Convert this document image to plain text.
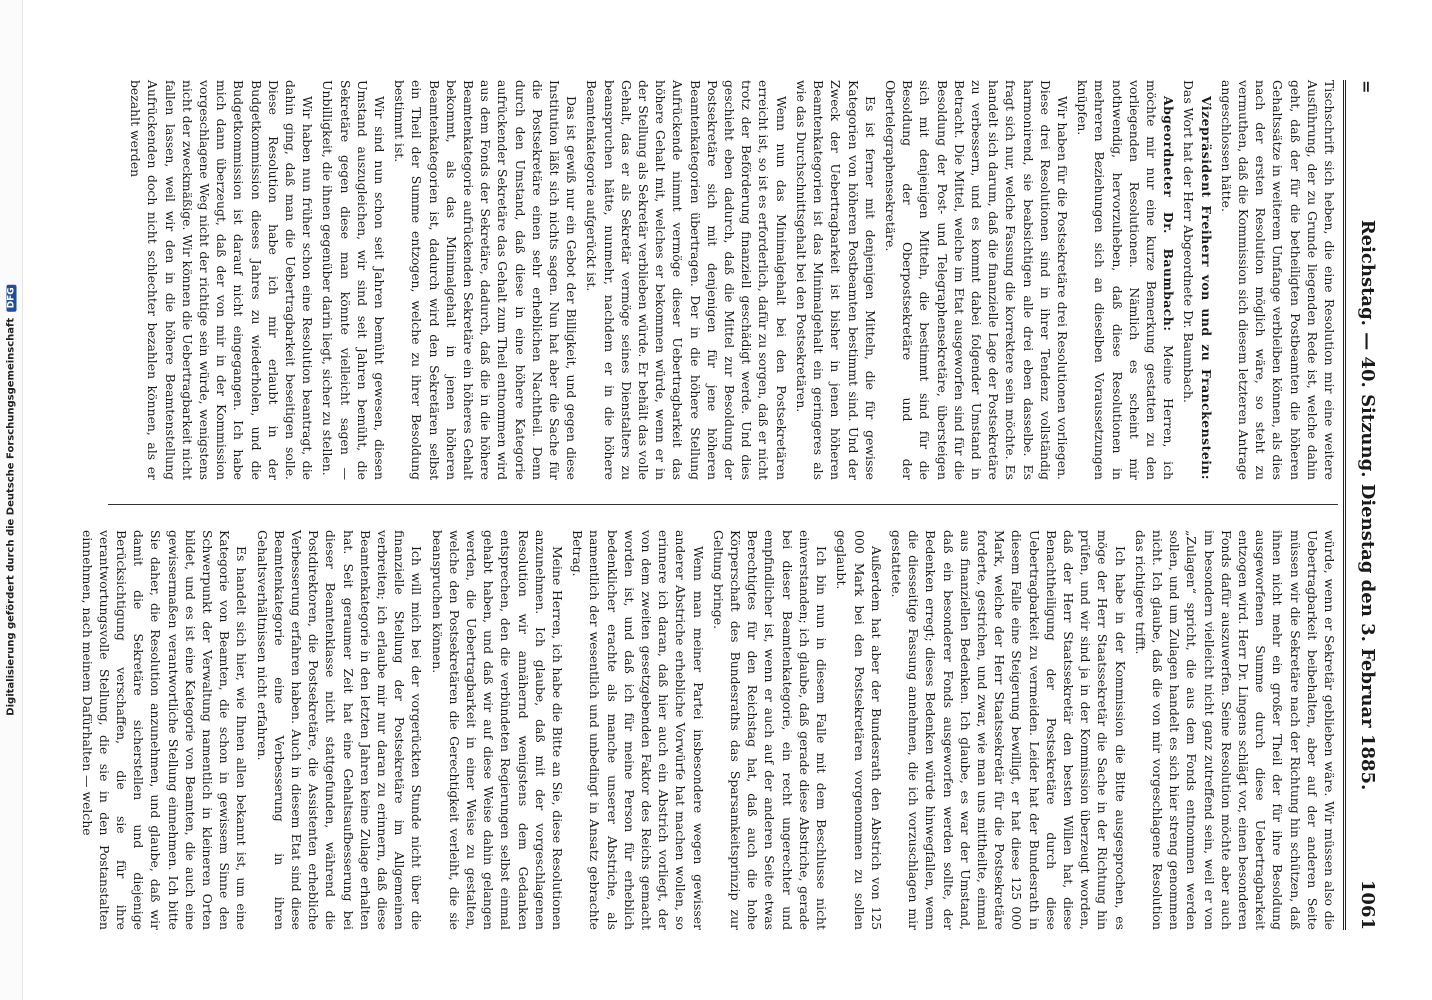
Digitalisierung gefördert durch die Deutsche Forschungsgemeinschaft DFG
=
Reichstag. — 40. Sitzung. Dienstag den 3. Februar 1885.
1061

Tischschrift sich heben, die eine Resolution mir eine weitere Ausführung, der zu Grunde liegenden Rede ist, welche dahin geht, daß der für die betheiligten Postbeamten die höheren Gehaltssätze in weiterem Umfange verbleiben können, als dies nach der ersten Resolution möglich wäre, so steht zu vermuthen, daß die Kommission sich diesem letzteren Antrage angeschlossen hätte.

Vizepräsident Freiherr von und zu Franckenstein: Das Wort hat der Herr Abgeordnete Dr. Baumbach.

Abgeordneter Dr. Baumbach: Meine Herren, ich möchte mir nur eine kurze Bemerkung gestatten zu den vorliegenden Resolutionen. Nämlich es scheint mir nothwendig, hervorzuheben, daß diese Resolutionen in mehreren Beziehungen sich an dieselben Voraussetzungen knüpfen.

Wir haben für die Postsekretäre drei Resolutionen vorliegen. Diese drei Resolutionen sind in ihrer Tendenz vollständig harmonirend, sie beabsichtigen alle drei eben dasselbe. Es fragt sich nur, welche Fassung die korrektere sein möchte. Es handelt sich darum, daß die finanzielle Lage der Postsekretäre zu verbessern, und es kommt dabei folgender Umstand in Betracht. Die Mittel, welche im Etat ausgeworfen sind für die Besoldung der Post- und Telegraphensekretäre, übersteigen sich mit denjenigen Mitteln, die bestimmt sind für die Besoldung der Oberpostsekretäre und der Obertelegraphensekretäre.

Es ist ferner mit denjenigen Mitteln, die für gewisse Kategorien von höheren Postbeamten bestimmt sind. Und der Zweck der Uebertragbarkeit ist bisher in jenen höheren Beamtenkategorien ist das Minimalgehalt ein geringeres als wie das Durchschnittsgehalt bei den Postsekretären.

Wenn nun das Minimalgehalt bei den Postsekretären erreicht ist, so ist es erforderlich, dafür zu sorgen, daß er nicht trotz der Beförderung finanziell geschädigt werde. Und dies geschieht eben dadurch, daß die Mittel zur Besoldung der Postsekretäre sich mit denjenigen für jene höheren Beamtenkategorien übertragen. Der in die höhere Stellung Aufrückende nimmt vermöge dieser Uebertragbarkeit das höhere Gehalt mit, welches er bekommen würde, wenn er in der Stellung als Sekretär verblieben würde. Er behält das volle Gehalt, das er als Sekretär vermöge seines Dienstalters zu beanspruchen hätte, nunmehr, nachdem er in die höhere Beamtenkategorie aufgerückt ist.

Das ist gewiß nur ein Gebot der Billigkeit, und gegen diese Institution läßt sich nichts sagen. Nun hat aber die Sache für die Postsekretäre einen sehr erheblichen Nachtheil. Denn durch den Umstand, daß diese in eine höhere Kategorie aufrückender Sekretäre das Gehalt zum Theil entnommen wird aus dem Fonds der Sekretäre, dadurch, daß die in die höhere Beamtenkategorie aufrückenden Sekretäre ein höheres Gehalt bekommt, als das Minimalgehalt in jenen höheren Beamtenkategorien ist, dadurch wird den Sekretären selbst ein Theil der Summe entzogen, welche zu ihrer Besoldung bestimmt ist.

Wir sind nun schon seit Jahren bemüht gewesen, diesen Umstand auszugleichen, wir sind seit Jahren bemüht, die Sekretäre gegen diese man könnte vielleicht sagen — Unbilligkeit, die ihnen gegenüber darin liegt, sicher zu stellen.

Wir haben nun früher schon eine Resolution beantragt, die dahin ging, daß man die Uebertragbarkeit beseitigen solle. Diese Resolution habe ich mir erlaubt in der Budgetkommission dieses Jahres zu wiederholen, und die Budgetkommission ist darauf nicht eingegangen. Ich habe mich dann überzeugt, daß der von mir in der Kommission vorgeschlagene Weg nicht der richtige sein würde, wenigstens nicht der zweckmäßige. Wir können die Uebertragbarkeit nicht fallen lassen, weil wir den in die höhere Beamtenstellung Aufrückenden doch nicht schlechter bezahlen können, als er bezahlt werden

würde, wenn er Sekretär geblieben wäre. Wir müssen also die Uebertragbarkeit beibehalten, aber auf der anderen Seite müssen wir die Sekretäre nach der Richtung hin schützen, daß ihnen nicht mehr ein großer Theil der für ihre Besoldung ausgeworfenen Summe durch diese Uebertragbarkeit entzogen wird. Herr Dr. Lingens schlägt vor, einen besonderen Fonds dafür auszuwerfen. Seine Resolution möchte aber auch im besondern vielleicht nicht ganz zutreffend sein, weil er von „Zulagen“ spricht, die aus dem Fonds entnommen werden sollen, und um Zulagen handelt es sich hier streng genommen nicht. Ich glaube, daß die von mir vorgeschlagene Resolution das richtigere trifft.

Ich habe in der Kommission die Bitte ausgesprochen, es möge der Herr Staatssekretär die Sache in der Richtung hin prüfen, und wir sind ja in der Kommission überzeugt worden, daß der Herr Staatssekretär den besten Willen hat, diese Benachtheiligung der Postsekretäre durch diese Uebertragbarkeit zu vermeiden. Leider hat der Bundesrath in diesem Falle eine Steigerung bewilligt, er hat diese 125 000 Mark, welche der Herr Staatssekretär für die Postsekretäre forderte, gestrichen, und zwar, wie man uns mittheilte, einmal aus finanziellen Bedenken. Ich glaube, es war der Umstand, daß ein besonderer Fonds ausgeworfen werden sollte, der Bedenken erregt; dieses Bedenken würde hinwegfallen, wenn die diesseitige Fassung annehmen, die ich vorzuschlagen mir gestattete.

Außerdem hat aber der Bundesrath den Abstrich von 125 000 Mark bei den Postsekretären vorgenommen zu sollen geglaubt.

Ich bin nun in diesem Falle mit dem Beschlusse nicht einverstanden; ich glaube, daß gerade diese Abstriche, gerade bei dieser Beamtenkategorie, ein recht ungerechter und empfindlicher ist, wenn er auch auf der anderen Seite etwas Berechtigtes für den Reichstag hat, daß auch die hohe Körperschaft des Bundesraths das Sparsamkeitsprinzip zur Geltung bringe.

Wenn man meiner Partei insbesondere wegen gewisser anderer Abstriche erhebliche Vorwürfe hat machen wollen, so erinnere ich daran, daß hier auch ein Abstrich vorliegt, der von dem zweiten gesetzgebenden Faktor des Reichs gemacht worden ist, und daß ich für meine Person für erheblich bedenklicher erachte als manche unserer Abstriche, als namentlich der wesentlich und unbedingt in Ansatz gebrachte Betrag.

Meine Herren, ich habe die Bitte an Sie, diese Resolutionen anzunehmen. Ich glaube, daß mit der vorgeschlagenen Resolution wir annähernd wenigstens dem Gedanken entsprechen, den die verbündeten Regierungen selbst einmal gehabt haben, und daß wir auf diese Weise dahin gelangen werden, die Uebertragbarkeit in einer Weise zu gestalten, welche den Postsekretären die Gerechtigkeit verleiht, die sie beanspruchen können.

Ich will mich bei der vorgerückten Stunde nicht über die finanzielle Stellung der Postsekretäre im Allgemeinen verbreiten; ich erlaube mir nur daran zu erinnern, daß diese Beamtenkategorie in den letzten Jahren keine Zulage erhalten hat. Seit geraumer Zeit hat eine Gehaltsaufbesserung bei dieser Beamtenklasse nicht stattgefunden, während die Postdirektoren, die Postsekretäre, die Assistenten erhebliche Verbesserung erfahren haben. Auch in diesem Etat sind diese Beamtenkategorie eine Verbesserung in ihren Gehaltsverhältnissen nicht erfahren.

Es handelt sich hier, wie Ihnen allen bekannt ist, um eine Kategorie von Beamten, die schon in gewissem Sinne den Schwerpunkt der Verwaltung namentlich in kleineren Orten bildet, und es ist eine Kategorie von Beamten, die auch eine gewissermaßen verantwortliche Stellung einnehmen. Ich bitte Sie daher, die Resolution anzunehmen, und glaube, daß wir damit die Sekretäre sicherstellen und diejenige Berücksichtigung verschaffen, die sie für ihre verantwortungsvolle Stellung, die sie in den Postanstalten einnehmen, nach meinem Dafürhalten — welche
